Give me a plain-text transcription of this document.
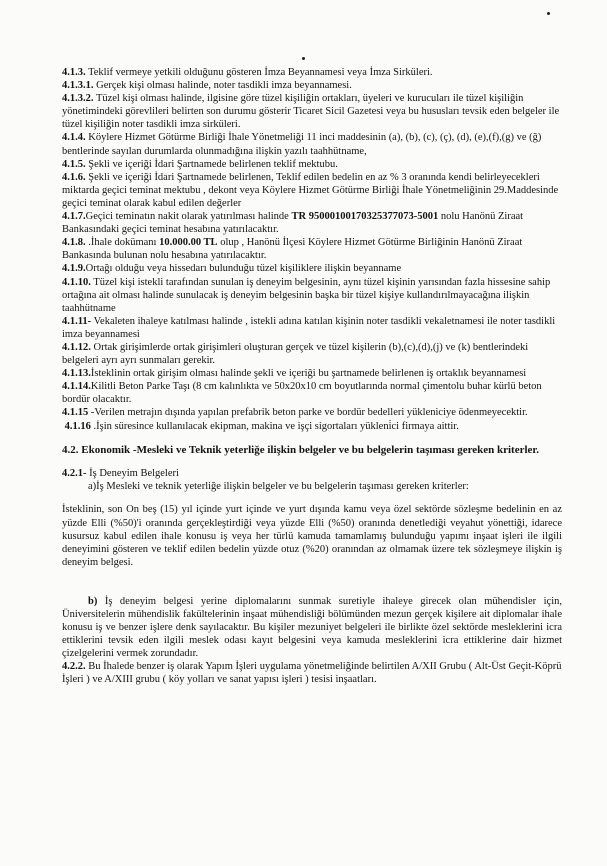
4.1.3. Teklif vermeye yetkili olduğunu gösteren İmza Beyannamesi veya İmza Sirküleri.

4.1.3.1. Gerçek kişi olması halinde, noter tasdikli imza beyannamesi.

4.1.3.2. Tüzel kişi olması halinde, ilgisine göre tüzel kişiliğin ortakları, üyeleri ve kurucuları ile tüzel kişiliğin yönetimindeki görevlileri belirten son durumu gösterir Ticaret Sicil Gazetesi veya bu hususları tevsik eden belgeler ile tüzel kişiliğin noter tasdikli imza sirküleri.

4.1.4. Köylere Hizmet Götürme Birliği İhale Yönetmeliği 11 inci maddesinin (a), (b), (c), (ç), (d), (e),(f),(g) ve (ğ) bentlerinde sayılan durumlarda olunmadığına ilişkin yazılı taahhütname,

4.1.5. Şekli ve içeriği İdari Şartnamede belirlenen teklif mektubu.

4.1.6. Şekli ve içeriği İdari Şartnamede belirlenen, Teklif edilen bedelin en az % 3 oranında kendi belirleyecekleri miktarda geçici teminat mektubu , dekont veya Köylere Hizmet Götürme Birliği İhale Yönetmeliğinin 29.Maddesinde geçici teminat olarak kabul edilen değerler

4.1.7.Geçici teminatın nakit olarak yatırılması halinde TR 95000100170325377073-5001 nolu Hanönü Ziraat Bankasındaki geçici teminat hesabına yatırılacaktır.

4.1.8. .İhale dokümanı 10.000.00 TL olup , Hanönü İlçesi Köylere Hizmet Götürme Birliğinin Hanönü Ziraat Bankasında bulunan nolu hesabına yatırılacaktır.

4.1.9.Ortağı olduğu veya hissedarı bulunduğu tüzel kişiliklere ilişkin beyanname

4.1.10. Tüzel kişi istekli tarafından sunulan iş deneyim belgesinin, aynı tüzel kişinin yarısından fazla hissesine sahip ortağına ait olması halinde sunulacak iş deneyim belgesinin başka bir tüzel kişiye kullandırılmayacağına ilişkin taahhütname

4.1.11- Vekaleten ihaleye katılması halinde , istekli adına katılan kişinin noter tasdikli vekaletnamesi ile noter tasdikli imza beyannamesi

4.1.12. Ortak girişimlerde ortak girişimleri oluşturan gerçek ve tüzel kişilerin (b),(c),(d),(j) ve (k) bentlerindeki belgeleri ayrı ayrı sunmaları gerekir.

4.1.13.İsteklinin ortak girişim olması halinde şekli ve içeriği bu şartnamede belirlenen iş ortaklık beyannamesi

4.1.14.Kilitli Beton Parke Taşı (8 cm kalınlıkta ve 50x20x10 cm boyutlarında normal çimentolu buhar kürlü beton bordür olacaktır.

4.1.15 -Verilen metrajın dışında yapılan prefabrik beton parke ve bordür bedelleri yükleniciye ödenmeyecektir.

4.1.16 .İşin süresince kullanılacak ekipman, makina ve işçi sigortaları yükleni̇ci firmaya aittir.

4.2. Ekonomik -Mesleki ve Teknik yeterliğe ilişkin belgeler ve bu belgelerin taşıması gereken kriterler.

4.2.1- İş Deneyim Belgeleri

a)İş Mesleki ve teknik yeterliğe ilişkin belgeler ve bu belgelerin taşıması gereken kriterler:

İsteklinin, son On beş (15) yıl içinde yurt içinde ve yurt dışında kamu veya özel sektörde sözleşme bedelinin en az yüzde Elli (%50)'i oranında gerçekleştirdiği veya yüzde Elli (%50) oranında denetlediği veyahut yönettiği, idarece kusursuz kabul edilen ihale konusu iş veya her türlü kamuda tamamlamış bulunduğu yapımı inşaat işleri ile ilgili deneyimini gösteren ve teklif edilen bedelin yüzde otuz (%20) oranından az olmamak üzere tek sözleşmeye ilişkin iş deneyim belgesi.

b) İş deneyim belgesi yerine diplomalarını sunmak suretiyle ihaleye girecek olan mühendisler için, Üniversitelerin mühendislik fakültelerinin inşaat mühendisliği bölümünden mezun gerçek kişilere ait diplomalar ihale konusu iş ve benzer işlere denk sayılacaktır. Bu kişiler mezuniyet belgeleri ile birlikte özel sektörde mesleklerini icra ettiklerini tevsik eden ilgili meslek odası kayıt belgesini veya kamuda mesleklerini icra ettiklerine dair hizmet çizelgelerini vermek zorundadır.

4.2.2. Bu İhalede benzer iş olarak Yapım İşleri uygulama yönetmeliğinde belirtilen A/XII Grubu ( Alt-Üst Geçit-Köprü İşleri ) ve A/XIII grubu ( köy yolları ve sanat yapısı işleri ) tesisi inşaatları.
